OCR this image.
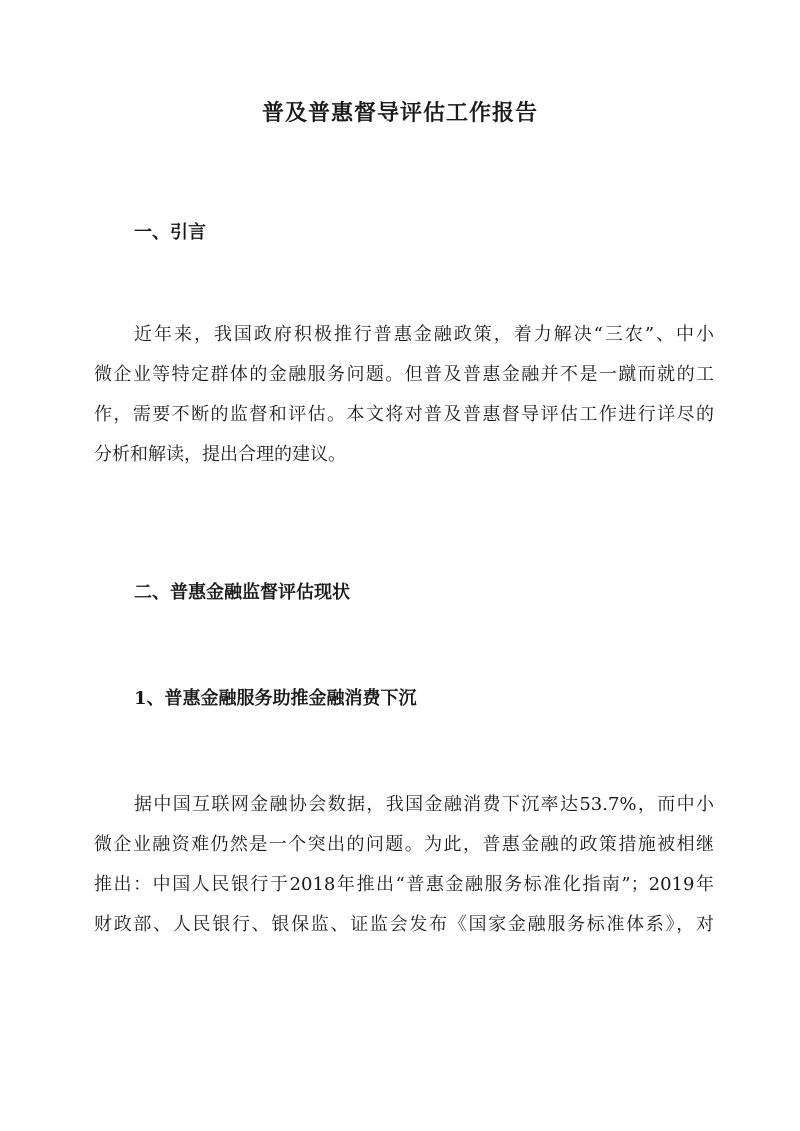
普及普惠督导评估工作报告
一、引言
近年来，我国政府积极推行普惠金融政策，着力解决“三农”、中小
微企业等特定群体的金融服务问题。但普及普惠金融并不是一蹴而就的工
作，需要不断的监督和评估。本文将对普及普惠督导评估工作进行详尽的
分析和解读，提出合理的建议。
二、普惠金融监督评估现状
1、普惠金融服务助推金融消费下沉
据中国互联网金融协会数据，我国金融消费下沉率达53.7%，而中小
微企业融资难仍然是一个突出的问题。为此，普惠金融的政策措施被相继
推出：中国人民银行于2018年推出“普惠金融服务标准化指南”；2019年
财政部、人民银行、银保监、证监会发布《国家金融服务标准体系》，对
